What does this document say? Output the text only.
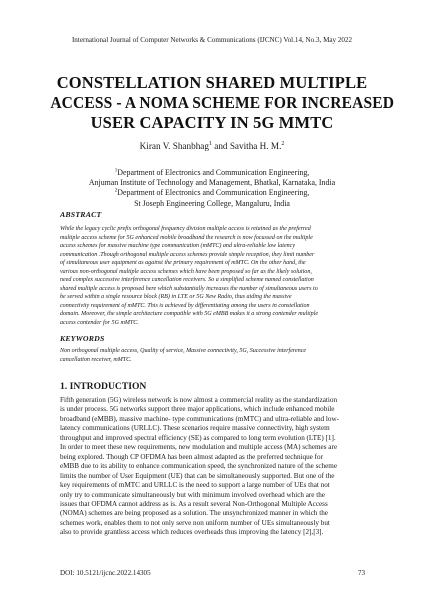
International Journal of Computer Networks & Communications (IJCNC) Vol.14, No.3, May 2022
CONSTELLATION SHARED MULTIPLE
ACCESS - A NOMA SCHEME FOR INCREASED
USER CAPACITY IN 5G MMTC
Kiran V. Shanbhag$^1$ and Savitha H. M.$^2$
$^1$Department of Electronics and Communication Engineering,
Anjuman Institute of Technology and Management, Bhatkal, Karnataka, India
$^2$Department of Electronics and Communication Engineering,
St Joseph Engineering College, Mangaluru, India
ABSTRACT
While the legacy cyclic prefix orthogonal frequency division multiple access is retained as the preferred
multiple access scheme for 5G enhanced mobile broadband the research is now focussed on the multiple
access schemes for massive machine type communication (mMTC) and ultra-reliable low latency
communication .Though orthogonal multiple access schemes provide simple reception, they limit number
of simultaneous user equipment as against the primary requirement of mMTC. On the other hand, the
various non-orthogonal multiple access schemes which have been proposed so far as the likely solution,
need complex successive interference cancellation receivers. So a simplified scheme named constellation
shared multiple access is proposed here which substantially increases the number of simultaneous users to
be served within a single resource block (RB) in LTE or 5G New Radio, thus aiding the massive
connectivity requirement of mMTC. This is achieved by differentiating among the users in constellation
domain. Moreover, the simple architecture compatible with 5G eMBB makes it a strong contender multiple
access contender for 5G mMTC.
KEYWORDS
Non orthogonal multiple access, Quality of service, Massive connectivity, 5G, Successive interference
cancellation receiver, mMTC.
1. INTRODUCTION
Fifth generation (5G) wireless network is now almost a commercial reality as the standardization
is under process. 5G networks support three major applications, which include enhanced mobile
broadband (eMBB), massive machine- type communications (mMTC) and ultra-reliable and low-
latency communications (URLLC). These scenarios require massive connectivity, high system
throughput and improved spectral efficiency (SE) as compared to long term evolution (LTE) [1].
In order to meet these new requirements, new modulation and multiple access (MA) schemes are
being explored. Though CP OFDMA has been almost adapted as the preferred technique for
eMBB due to its ability to enhance communication speed, the synchronized nature of the scheme
limits the number of User Equipment (UE) that can be simultaneously supported. But one of the
key requirements of mMTC and URLLC is the need to support a large number of UEs that not
only try to communicate simultaneously but with minimum involved overhead which are the
issues that OFDMA cannot address as is. As a result several Non-Orthogonal Multiple Access
(NOMA) schemes are being proposed as a solution. The unsynchronized manner in which the
schemes work, enables them to not only serve non uniform number of UEs simultaneously but
also to provide grantless access which reduces overheads thus improving the latency [2],[3].
DOI: 10.5121/ijcnc.2022.14305	73
